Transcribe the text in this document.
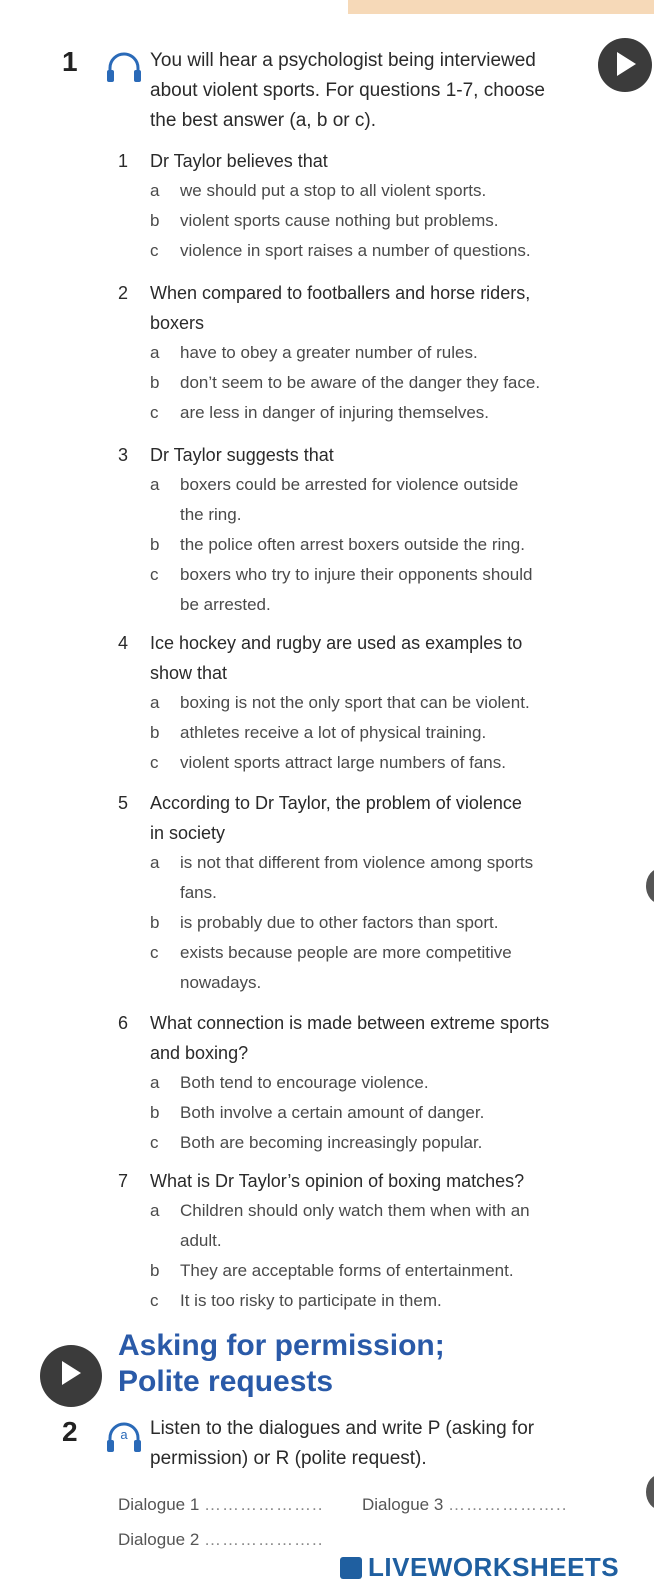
1	You will hear a psychologist being interviewed
about violent sports. For questions 1-7, choose
the best answer (a, b or c).
1	Dr Taylor believes that
a we should put a stop to all violent sports.
b violent sports cause nothing but problems.
c violence in sport raises a number of questions.
2	When compared to footballers and horse riders,
boxers
a have to obey a greater number of rules.
b don’t seem to be aware of the danger they face.
c are less in danger of injuring themselves.
3	Dr Taylor suggests that
a boxers could be arrested for violence outside
the ring.
b the police often arrest boxers outside the ring.
c boxers who try to injure their opponents should
be arrested.
4	Ice hockey and rugby are used as examples to
show that
a boxing is not the only sport that can be violent.
b athletes receive a lot of physical training.
c violent sports attract large numbers of fans.
5	According to Dr Taylor, the problem of violence
in society
a is not that different from violence among sports
fans.
b is probably due to other factors than sport.
c exists because people are more competitive
nowadays.
6	What connection is made between extreme sports
and boxing?
a Both tend to encourage violence.
b Both involve a certain amount of danger.
c Both are becoming increasingly popular.
7	What is Dr Taylor’s opinion of boxing matches?
a Children should only watch them when with an
adult.
b They are acceptable forms of entertainment.
c It is too risky to participate in them.
Asking for permission;
Polite requests
2	a Listen to the dialogues and write P (asking for
permission) or R (polite request).
Dialogue 1 ……………….. Dialogue 3 ………………..
Dialogue 2 ………………..
LIVEWORKSHEETS
